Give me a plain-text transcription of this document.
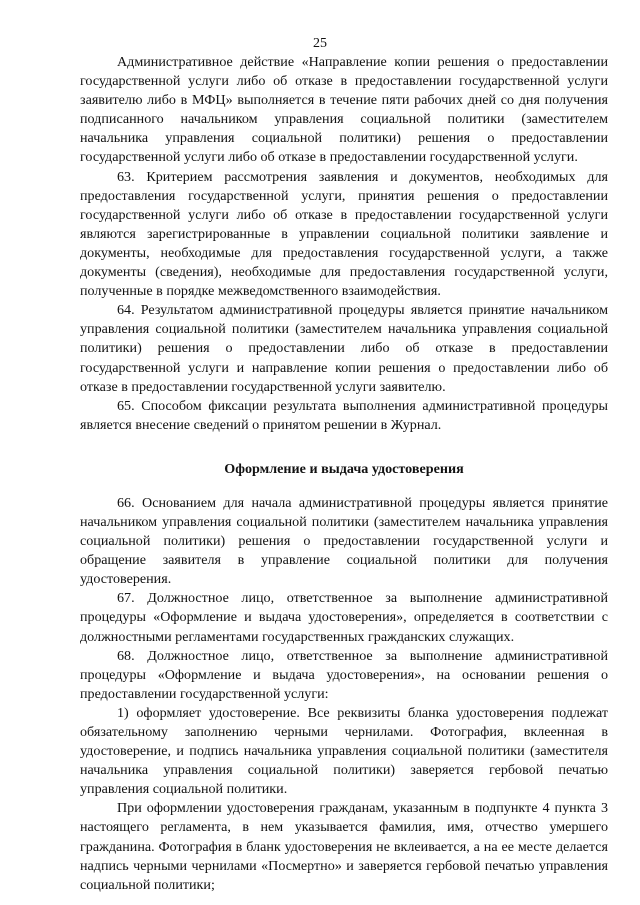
25

Административное действие «Направление копии решения о предоставлении государственной услуги либо об отказе в предоставлении государственной услуги заявителю либо в МФЦ» выполняется в течение пяти рабочих дней со дня получения подписанного начальником управления социальной политики (заместителем начальника управления социальной политики) решения о предоставлении государственной услуги либо об отказе в предоставлении государственной услуги.

63. Критерием рассмотрения заявления и документов, необходимых для предоставления государственной услуги, принятия решения о предоставлении государственной услуги либо об отказе в предоставлении государственной услуги являются зарегистрированные в управлении социальной политики заявление и документы, необходимые для предоставления государственной услуги, а также документы (сведения), необходимые для предоставления государственной услуги, полученные в порядке межведомственного взаимодействия.

64. Результатом административной процедуры является принятие начальником управления социальной политики (заместителем начальника управления социальной политики) решения о предоставлении либо об отказе в предоставлении государственной услуги и направление копии решения о предоставлении либо об отказе в предоставлении государственной услуги заявителю.

65. Способом фиксации результата выполнения административной процедуры является внесение сведений о принятом решении в Журнал.

Оформление и выдача удостоверения

66. Основанием для начала административной процедуры является принятие начальником управления социальной политики (заместителем начальника управления социальной политики) решения о предоставлении государственной услуги и обращение заявителя в управление социальной политики для получения удостоверения.

67. Должностное лицо, ответственное за выполнение административной процедуры «Оформление и выдача удостоверения», определяется в соответствии с должностными регламентами государственных гражданских служащих.

68. Должностное лицо, ответственное за выполнение административной процедуры «Оформление и выдача удостоверения», на основании решения о предоставлении государственной услуги:

1) оформляет удостоверение. Все реквизиты бланка удостоверения подлежат обязательному заполнению черными чернилами. Фотография, вклеенная в удостоверение, и подпись начальника управления социальной политики (заместителя начальника управления социальной политики) заверяется гербовой печатью управления социальной политики.

При оформлении удостоверения гражданам, указанным в подпункте 4 пункта 3 настоящего регламента, в нем указывается фамилия, имя, отчество умершего гражданина. Фотография в бланк удостоверения не вклеивается, а на ее месте делается надпись черными чернилами «Посмертно» и заверяется гербовой печатью управления социальной политики;
